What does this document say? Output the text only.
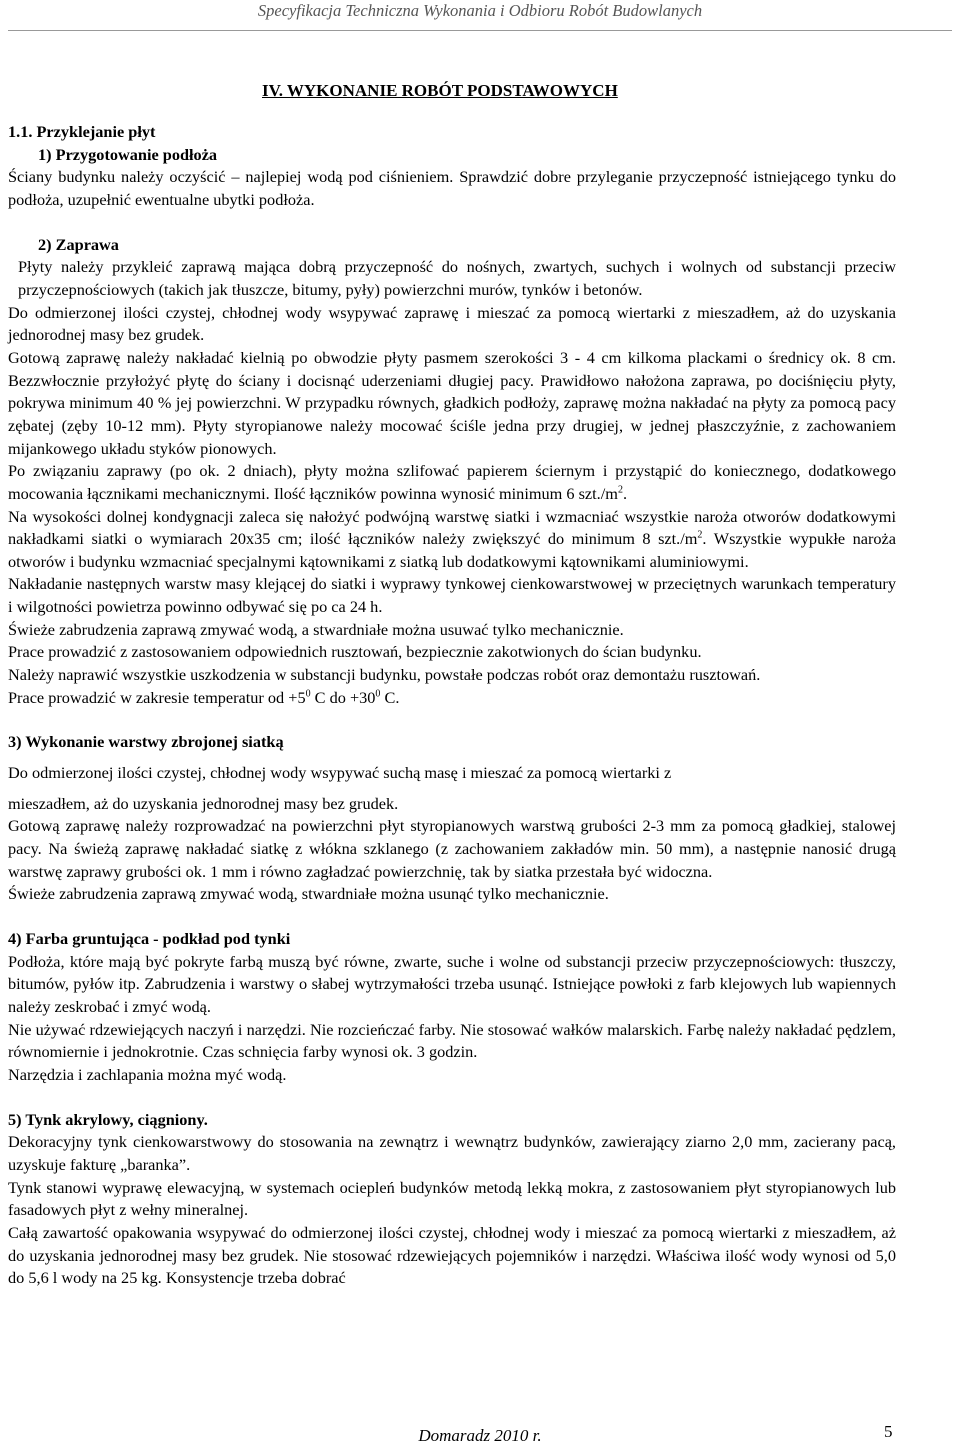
Specyfikacja Techniczna Wykonania i Odbioru Robót Budowlanych
IV. WYKONANIE ROBÓT PODSTAWOWYCH

1.1. Przyklejanie płyt

1) Przygotowanie podłoża

Ściany budynku należy oczyścić – najlepiej wodą pod ciśnieniem. Sprawdzić dobre przyleganie przyczepność istniejącego tynku do podłoża, uzupełnić ewentualne ubytki podłoża.

2) Zaprawa

Płyty należy przykleić zaprawą mająca dobrą przyczepność do nośnych, zwartych, suchych i wolnych od substancji przeciw przyczepnościowych (takich jak tłuszcze, bitumy, pyły) powierzchni murów, tynków i betonów.

Do odmierzonej ilości czystej, chłodnej wody wsypywać zaprawę i mieszać za pomocą wiertarki z mieszadłem, aż do uzyskania jednorodnej masy bez grudek.

Gotową zaprawę należy nakładać kielnią po obwodzie płyty pasmem szerokości 3 - 4 cm kilkoma plackami o średnicy ok. 8 cm. Bezzwłocznie przyłożyć płytę do ściany i docisnąć uderzeniami długiej pacy. Prawidłowo nałożona zaprawa, po dociśnięciu płyty, pokrywa minimum 40 % jej powierzchni. W przypadku równych, gładkich podłoży, zaprawę można nakładać na płyty za pomocą pacy zębatej (zęby 10-12 mm). Płyty styropianowe należy mocować ściśle jedna przy drugiej, w jednej płaszczyźnie, z zachowaniem mijankowego układu styków pionowych.

Po związaniu zaprawy (po ok. 2 dniach), płyty można szlifować papierem ściernym i przystąpić do koniecznego, dodatkowego mocowania łącznikami mechanicznymi. Ilość łączników powinna wynosić minimum 6 $szt./m^2$.

Na wysokości dolnej kondygnacji zaleca się nałożyć podwójną warstwę siatki i wzmacniać wszystkie naroża otworów dodatkowymi nakładkami siatki o wymiarach 20x35 cm; ilość łączników należy zwiększyć do minimum 8 $szt./m^2$. Wszystkie wypukłe naroża otworów i budynku wzmacniać specjalnymi kątownikami z siatką lub dodatkowymi kątownikami aluminiowymi.

Nakładanie następnych warstw masy klejącej do siatki i wyprawy tynkowej cienkowarstwowej w przeciętnych warunkach temperatury i wilgotności powietrza powinno odbywać się po ca 24 h.

Świeże zabrudzenia zaprawą zmywać wodą, a stwardniałe można usuwać tylko mechanicznie.

Prace prowadzić z zastosowaniem odpowiednich rusztowań, bezpiecznie zakotwionych do ścian budynku.

Należy naprawić wszystkie uszkodzenia w substancji budynku, powstałe podczas robót oraz demontażu rusztowań.

Prace prowadzić w zakresie temperatur od $+5^0$ C do $+30^0$ C.

3) Wykonanie warstwy zbrojonej siatką

Do odmierzonej ilości czystej, chłodnej wody wsypywać suchą masę i mieszać za pomocą wiertarki z

mieszadłem, aż do uzyskania jednorodnej masy bez grudek.

Gotową zaprawę należy rozprowadzać na powierzchni płyt styropianowych warstwą grubości 2-3 mm za pomocą gładkiej, stalowej pacy. Na świeżą zaprawę nakładać siatkę z włókna szklanego (z zachowaniem zakładów min. 50 mm), a następnie nanosić drugą warstwę zaprawy grubości ok. 1 mm i równo zagładzać powierzchnię, tak by siatka przestała być widoczna.

Świeże zabrudzenia zaprawą zmywać wodą, stwardniałe można usunąć tylko mechanicznie.

4) Farba gruntująca - podkład pod tynki

Podłoża, które mają być pokryte farbą muszą być równe, zwarte, suche i wolne od substancji przeciw przyczepnościowych: tłuszczy, bitumów, pyłów itp. Zabrudzenia i warstwy o słabej wytrzymałości trzeba usunąć. Istniejące powłoki z farb klejowych lub wapiennych należy zeskrobać i zmyć wodą.

Nie używać rdzewiejących naczyń i narzędzi. Nie rozcieńczać farby. Nie stosować wałków malarskich. Farbę należy nakładać pędzlem, równomiernie i jednokrotnie. Czas schnięcia farby wynosi ok. 3 godzin.

Narzędzia i zachlapania można myć wodą.

5) Tynk akrylowy, ciągniony.

Dekoracyjny tynk cienkowarstwowy do stosowania na zewnątrz i wewnątrz budynków, zawierający ziarno 2,0 mm, zacierany pacą, uzyskuje fakturę „baranka”.

Tynk stanowi wyprawę elewacyjną, w systemach ociepleń budynków metodą lekką mokra, z zastosowaniem płyt styropianowych lub fasadowych płyt z wełny mineralnej.

Całą zawartość opakowania wsypywać do odmierzonej ilości czystej, chłodnej wody i mieszać za pomocą wiertarki z mieszadłem, aż do uzyskania jednorodnej masy bez grudek. Nie stosować rdzewiejących pojemników i narzędzi. Właściwa ilość wody wynosi od 5,0 do 5,6 l wody na 25 kg. Konsystencje trzeba dobrać

Domaradz 2010 r.	5
